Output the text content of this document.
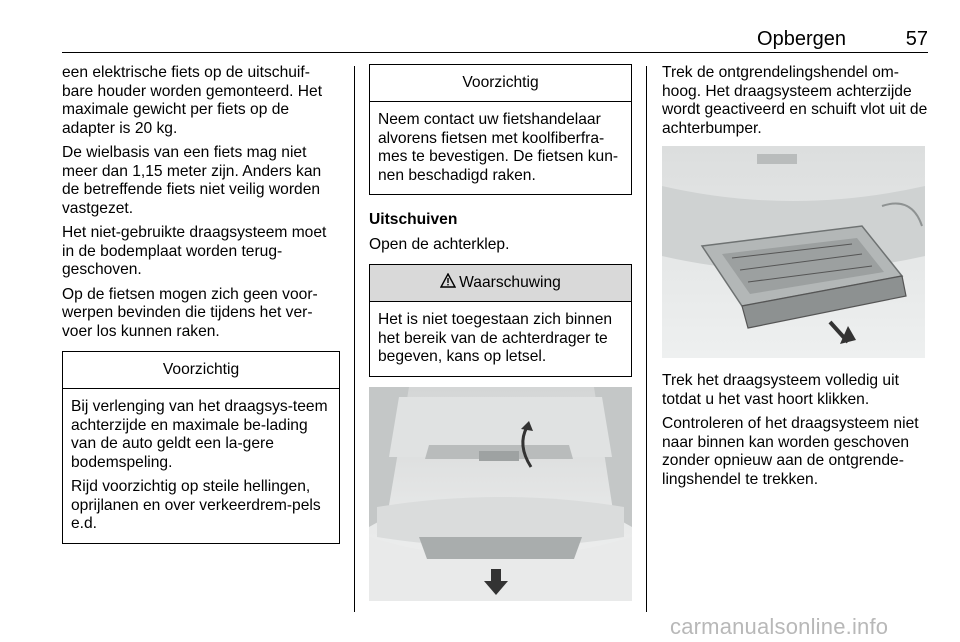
Opbergen	57

een elektrische fiets op de uitschuif-bare houder worden gemonteerd. Het maximale gewicht per fiets op de adapter is 20 kg.

De wielbasis van een fiets mag niet meer dan 1,15 meter zijn. Anders kan de betreffende fiets niet veilig worden vastgezet.

Het niet-gebruikte draagsysteem moet in de bodemplaat worden terug-geschoven.

Op de fietsen mogen zich geen voor-werpen bevinden die tijdens het ver-voer los kunnen raken.

Voorzichtig

Bij verlenging van het draagsys-teem achterzijde en maximale be-lading van de auto geldt een la-gere bodemspeling.

Rijd voorzichtig op steile hellingen, oprijlanen en over verkeerdrem-pels e.d.

Voorzichtig

Neem contact uw fietshandelaar alvorens fietsen met koolfiberfra-mes te bevestigen. De fietsen kun-nen beschadigd raken.

Uitschuiven

Open de achterklep.

Waarschuwing

Het is niet toegestaan zich binnen het bereik van de achterdrager te begeven, kans op letsel.

Trek de ontgrendelingshendel om-hoog. Het draagsysteem achterzijde wordt geactiveerd en schuift vlot uit de achterbumper.

Trek het draagsysteem volledig uit totdat u het vast hoort klikken.

Controleren of het draagsysteem niet naar binnen kan worden geschoven zonder opnieuw aan de ontgrende-lingshendel te trekken.

carmanualsonline.info
